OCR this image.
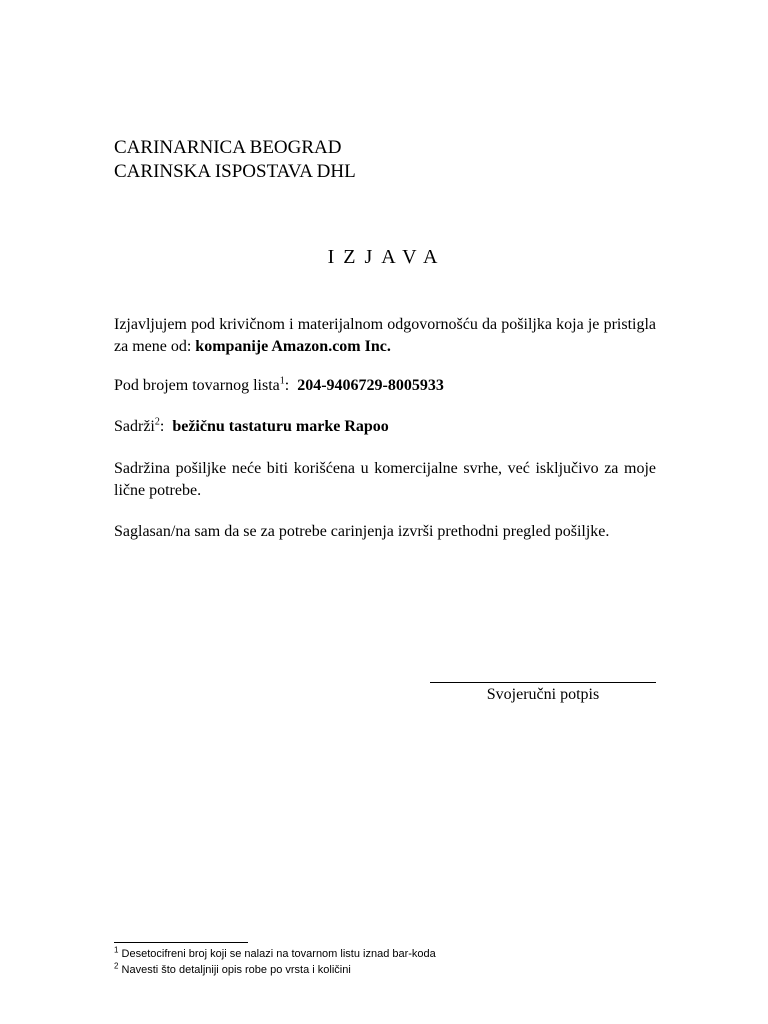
CARINARNICA BEOGRAD
CARINSKA ISPOSTAVA DHL
IZJAVA
Izjavljujem pod krivičnom i materijalnom odgovornošću da pošiljka koja je pristigla za mene od: kompanije Amazon.com Inc.
Pod brojem tovarnog lista$^1$: 204-9406729-8005933
Sadrži$^2$: bežičnu tastaturu marke Rapoo
Sadržina pošiljke neće biti korišćena u komercijalne svrhe, već isključivo za moje lične potrebe.
Saglasan/na sam da se za potrebe carinjenja izvrši prethodni pregled pošiljke.
Svojeručni potpis
$^1$ Desetocifreni broj koji se nalazi na tovarnom listu iznad bar-koda
$^2$ Navesti što detaljniji opis robe po vrsta i količini
